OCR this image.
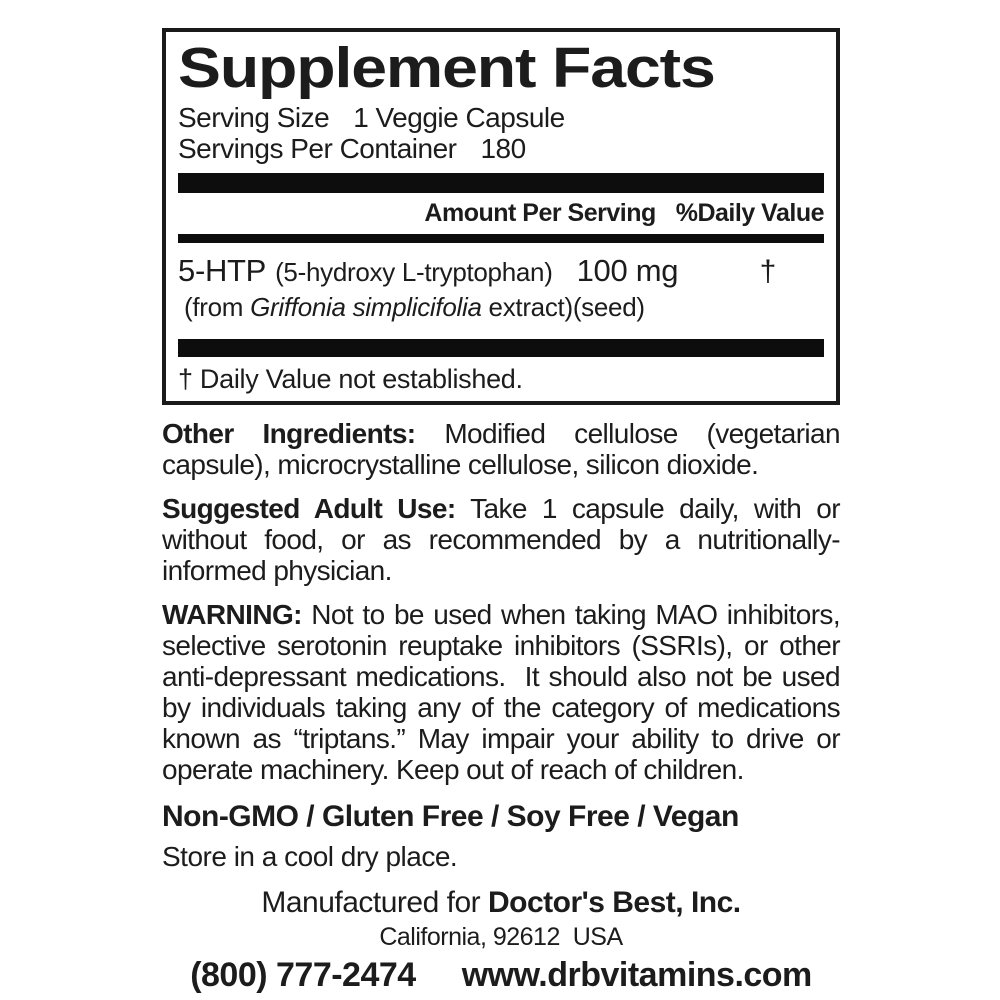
Supplement Facts
Serving Size 1 Veggie Capsule
Servings Per Container 180
Amount Per Serving %Daily Value
5-HTP (5-hydroxy L-tryptophan) 100 mg	†
(from Griffonia simplicifolia extract)(seed)
† Daily Value not established.

Other Ingredients: Modified cellulose (vegetarian capsule), microcrystalline cellulose, silicon dioxide.

Suggested Adult Use: Take 1 capsule daily, with or without food, or as recommended by a nutritionally-informed physician.

WARNING: Not to be used when taking MAO inhibitors, selective serotonin reuptake inhibitors (SSRIs), or other anti-depressant medications.  It should also not be used by individuals taking any of the category of medications known as “triptans.” May impair your ability to drive or operate machinery. Keep out of reach of children.

Non-GMO / Gluten Free / Soy Free / Vegan
Store in a cool dry place.
Manufactured for Doctor's Best, Inc.
California, 92612  USA
(800) 777-2474 www.drbvitamins.com
